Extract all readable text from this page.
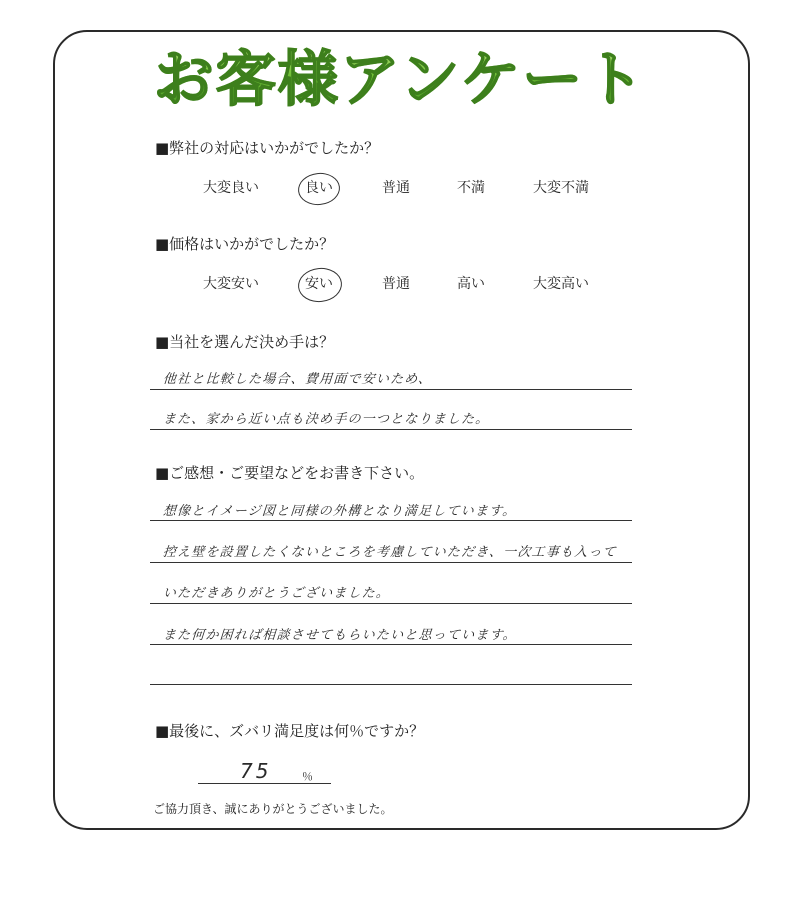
お客様アンケート
■弊社の対応はいかがでしたか？
大変良い	良い	普通	不満	大変不満
■価格はいかがでしたか？
大変安い	安い	普通	高い	大変高い
■当社を選んだ決め手は？
他社と比較した場合、費用面で安いため、
また、家から近い点も決め手の一つとなりました。
■ご感想・ご要望などをお書き下さい。
想像とイメージ図と同様の外構となり満足しています。
控え壁を設置したくないところを考慮していただき、一次工事も入って
いただきありがとうございました。
また何か困れば相談させてもらいたいと思っています。
■最後に、ズバリ満足度は何％ですか？
75	％
ご協力頂き、誠にありがとうございました。
